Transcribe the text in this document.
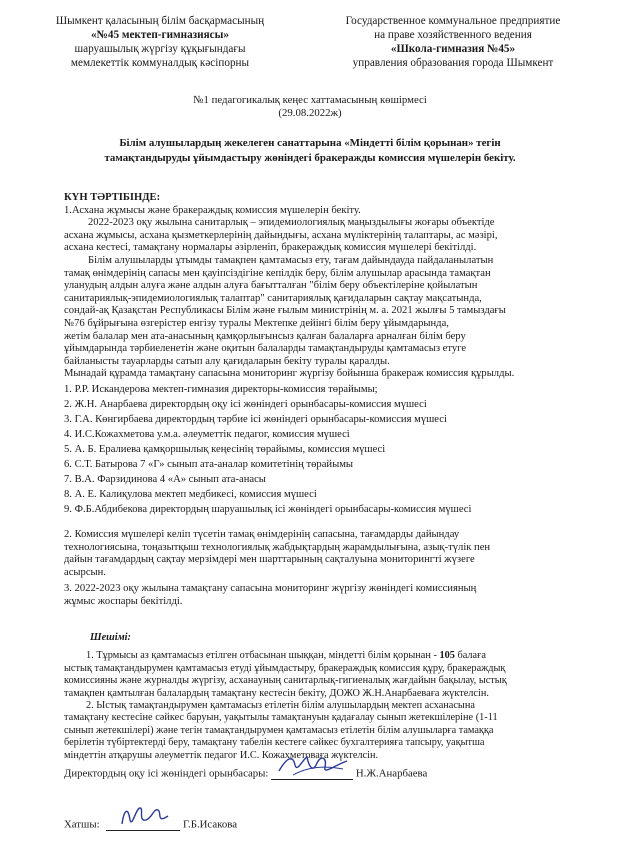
Шымкент қаласының білім басқармасының
«№45 мектеп-гимназиясы»
шаруашылық жүргізу құқығындағы
мемлекеттік коммуналдық кәсіпорны
Государственное коммунальное предприятие
на праве хозяйственного ведения
«Школа-гимназия №45»
управления образования города Шымкент
№1 педагогикалық кеңес хаттамасының көшірмесі
(29.08.2022ж)
Білім алушылардың жекелеген санаттарына «Міндетті білім қорынан» тегін
тамақтандыруды ұйымдастыру жөніндегі бракеражды комиссия мүшелерін бекіту.
КҮН ТӘРТІБІНДЕ:
1.Асхана жұмысы және бракераждық комиссия мүшелерін бекіту.
2022-2023 оқу жылына санитарлық – эпидемиологиялық маңыздылығы жоғары объектіде
асхана жұмысы, асхана қызметкерлерінің дайындығы, асхана мүліктерінің талаптары, ас мәзірі,
асхана кестесі, тамақтану нормалары әзірленіп, бракераждық комиссия мүшелері бекітілді.
Білім алушыларды ұтымды тамақпен қамтамасыз ету, тағам дайындауда пайдаланылатын
тамақ өнімдерінің сапасы мен қауіпсіздігіне кепілдік беру, білім алушылар арасында тамақтан
уланудың алдын алуға және алдын алуға бағытталған "білім беру объектілеріне қойылатын
санитариялық-эпидемиологиялық талаптар" санитариялық қағидаларын сақтау мақсатында,
сондай-ақ Қазақстан Республикасы Білім және ғылым министрінің м. а. 2021 жылғы 5 тамыздағы
№76 бұйрығына өзгеріcтер енгізу туралы Мектепке дейінгі білім беру ұйымдарында,
жетім балалар мен ата-анасының қамқорлығынсыз қалған балаларға арналған білім беру
ұйымдарында тәрбиеленетін және оқитын балаларды тамақтандыруды қамтамасыз етуге
байланысты тауарларды сатып алу қағидаларын бекіту туралы қаралды.
Мынадай құрамда тамақтану сапасына мониторинг жүргізу бойынша бракераж комиссия құрылды.
1. Р.Р. Искандерова мектеп-гимназия директоры-комиссия төрайымы;
2. Ж.Н. Анарбаева директордың оқу ісі жөніндегі орынбасары-комиссия мүшесі
3. Г.А. Көнгирбаева директордың тәрбие ісі жөніндегі орынбасары-комиссия мүшесі
4. И.С.Кожахметова у.м.а. әлеуметтік педагог, комиссия мүшесі
5. А. Б. Ералиева қамқоршылық кеңесінің төрайымы, комиссия мүшесі
6. С.Т. Батырова 7 «Г» сынып ата-аналар комитетінің төрайымы
7. В.А. Фарзидинова 4 «А» сынып ата-анасы
8. А. Е. Калиқулова мектеп медбикесі, комиссия мүшесі
9. Ф.Б.Абдибекова директордың шаруашылық ісі жөніндегі орынбасары-комиссия мүшесі
2. Комиссия мүшелері келіп түсетін тамақ өнімдерінің сапасына, тағамдарды дайындау
технологиясына, тоңазытқыш технологиялық жабдықтардың жарамдылығына, азық-түлік пен
дайын тағамдардың сақтау мерзімдері мен шарттарының сақталуына мониторингті жүзеге
асырсын.
3. 2022-2023 оқу жылына тамақтану сапасына мониторинг жүргізу жөніндегі комиссияның
жұмыс жоспары бекітілді.
Шешімі:
1. Тұрмысы аз қамтамасыз етілген отбасынан шыққан, міндетті білім қорынан - 105 балаға
ыстық тамақтандырумен қамтамасыз етуді ұйымдастыру, бракераждық комиссия құру, бракераждық
комиссияны және журналды жүргізу, асханаyның санитарлық-гигиеналық жағдайын бақылау, ыстық
тамақпен қамтылған балалардың тамақтану кестесін бекіту, ДОЖО Ж.Н.Анарбаеваға жүктелсін.
2. Ыстық тамақтандырумен қамтамасыз етілетін білім алушылардың мектеп асханасына
тамақтану кестесіне сәйкес баруын, уақытылы тамақтануын қадағалау сынып жетекшілеріне (1-11
сынып жетекшілері) және тегін тамақтандырумен қамтамасыз етілетін білім алушыларға тамаққа
берілетін түбіртектерді беру, тамақтану табелін кестеге сәйкес бухгалтерияға тапсыру, уақытша
міндеттін атқарушы әлеуметтік педагог И.С. Кожахметоваға жүктелсін.
Директордың оқу ісі жөніндегі орынбасары:	Н.Ж.Анарбаева
Хатшы:	Г.Б.Исакова
